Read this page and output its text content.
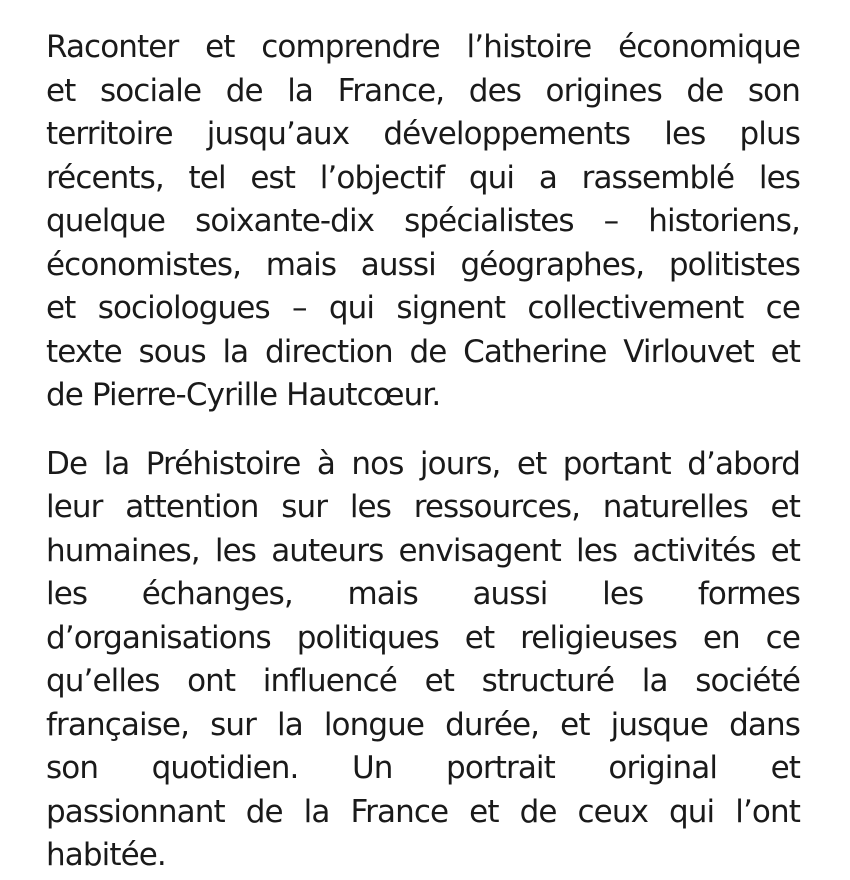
Raconter et comprendre l’histoire économique
et sociale de la France, des origines de son
territoire jusqu’aux développements les plus
récents, tel est l’objectif qui a rassemblé les
quelque soixante-dix spécialistes – historiens,
économistes, mais aussi géographes, politistes
et sociologues – qui signent collectivement ce
texte sous la direction de Catherine Virlouvet et
de Pierre-Cyrille Hautcœur.
De la Préhistoire à nos jours, et portant d’abord
leur attention sur les ressources, naturelles et
humaines, les auteurs envisagent les activités et
les échanges, mais aussi les formes
d’organisations politiques et religieuses en ce
qu’elles ont influencé et structuré la société
française, sur la longue durée, et jusque dans
son quotidien. Un portrait original et
passionnant de la France et de ceux qui l’ont
habitée.
